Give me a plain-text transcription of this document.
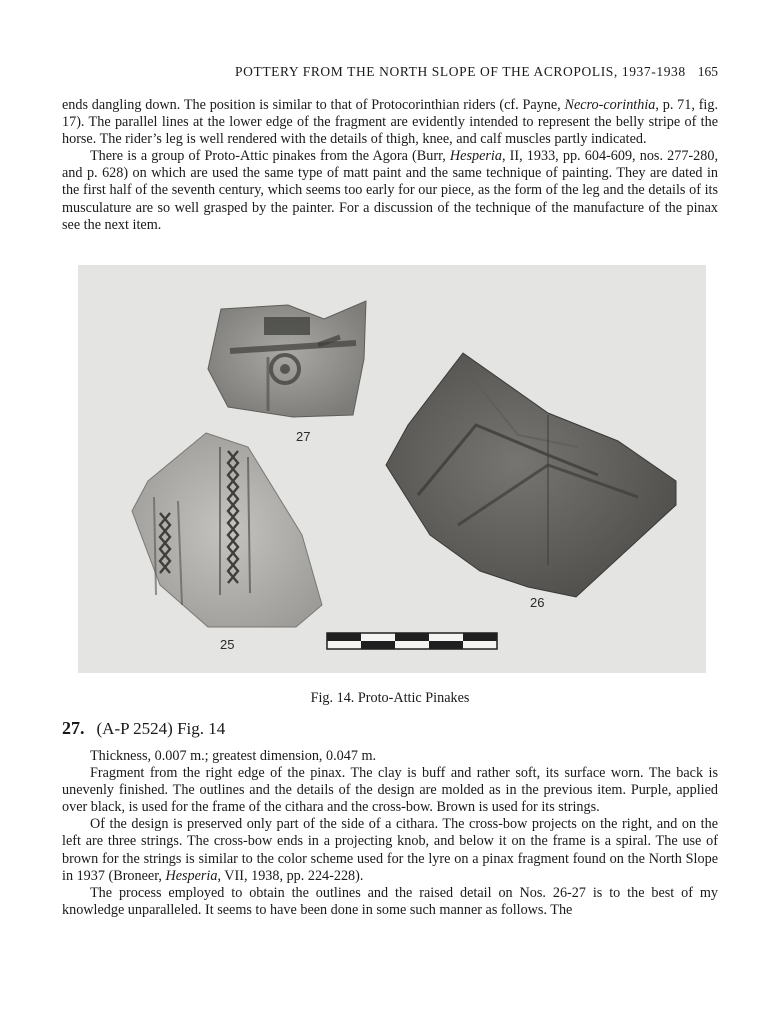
POTTERY FROM THE NORTH SLOPE OF THE ACROPOLIS, 1937-1938 165

ends dangling down. The position is similar to that of Protocorinthian riders (cf. Payne, Necro-corinthia, p. 71, fig. 17). The parallel lines at the lower edge of the fragment are evidently intended to represent the belly stripe of the horse. The rider’s leg is well rendered with the details of thigh, knee, and calf muscles partly indicated.

There is a group of Proto-Attic pinakes from the Agora (Burr, Hesperia, II, 1933, pp. 604-609, nos. 277-280, and p. 628) on which are used the same type of matt paint and the same technique of painting. They are dated in the first half of the seventh century, which seems too early for our piece, as the form of the leg and the details of its musculature are so well grasped by the painter. For a discussion of the technique of the manufacture of the pinax see the next item.

27
26
25
Fig. 14. Proto-Attic Pinakes
27. (A-P 2524) Fig. 14

Thickness, 0.007 m.; greatest dimension, 0.047 m.

Fragment from the right edge of the pinax. The clay is buff and rather soft, its surface worn. The back is unevenly finished. The outlines and the details of the design are molded as in the previous item. Purple, applied over black, is used for the frame of the cithara and the cross-bow. Brown is used for its strings.

Of the design is preserved only part of the side of a cithara. The cross-bow projects on the right, and on the left are three strings. The cross-bow ends in a projecting knob, and below it on the frame is a spiral. The use of brown for the strings is similar to the color scheme used for the lyre on a pinax fragment found on the North Slope in 1937 (Broneer, Hesperia, VII, 1938, pp. 224-228).

The process employed to obtain the outlines and the raised detail on Nos. 26-27 is to the best of my knowledge unparalleled. It seems to have been done in some such manner as follows. The
